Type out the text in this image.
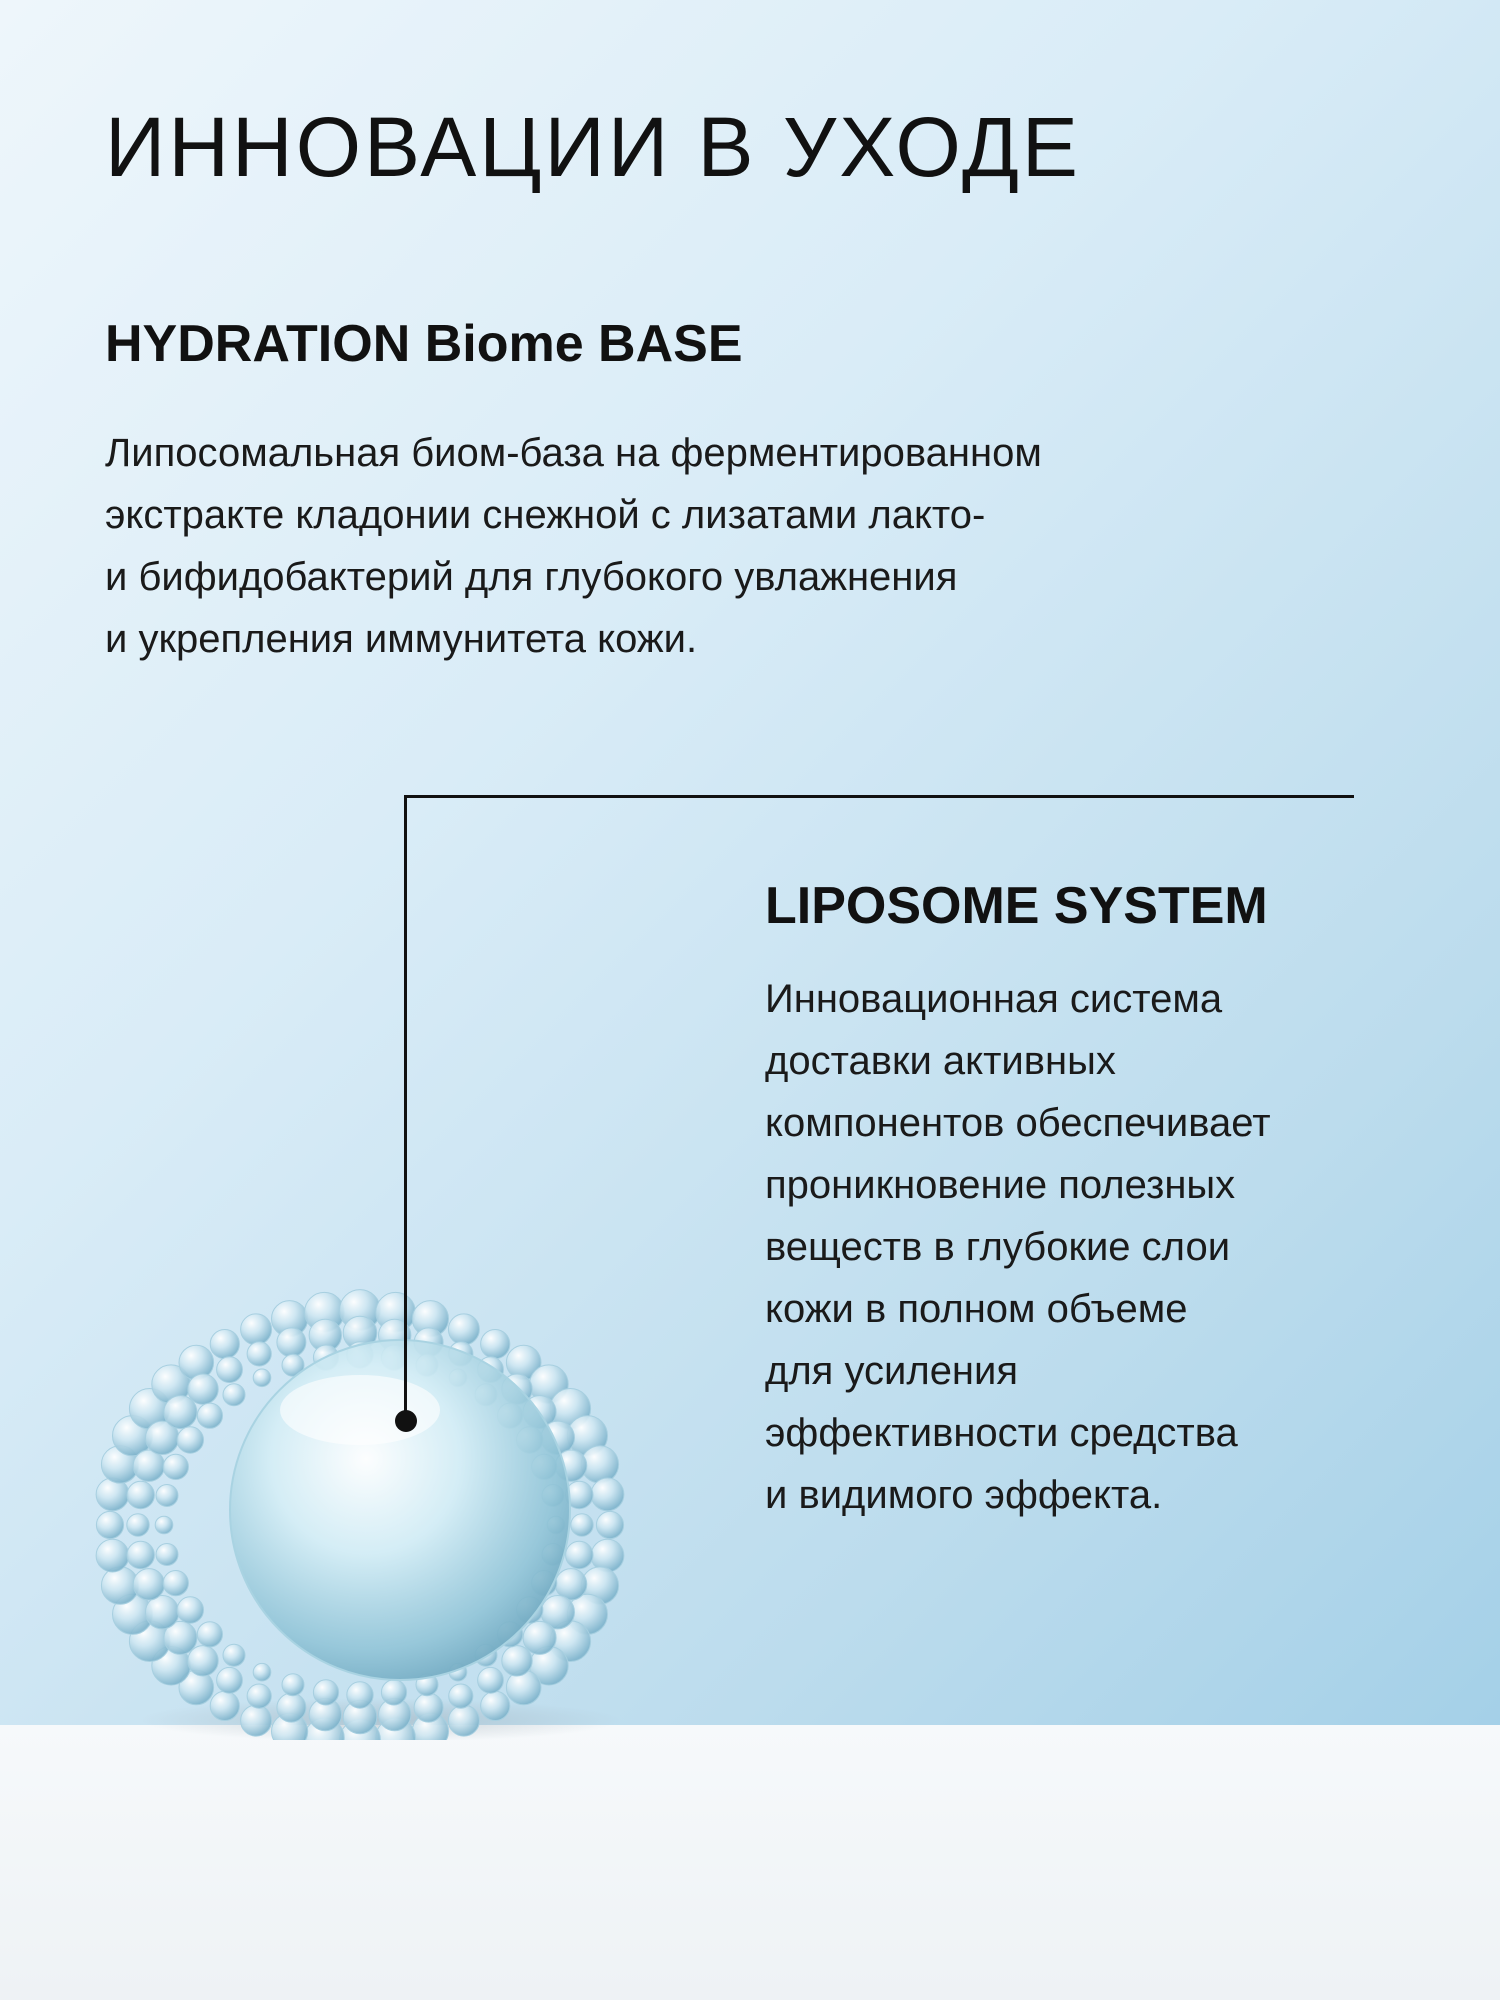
ИННОВАЦИИ В УХОДЕ
HYDRATION Biome BASE

Липосомальная биом-база на ферментированном
экстракте кладонии снежной с лизатами лакто-
и бифидобактерий для глубокого увлажнения
и укрепления иммунитета кожи.

LIPOSOME SYSTEM

Инновационная система
доставки активных
компонентов обеспечивает
проникновение полезных
веществ в глубокие слои
кожи в полном объеме
для усиления
эффективности средства
и видимого эффекта.
